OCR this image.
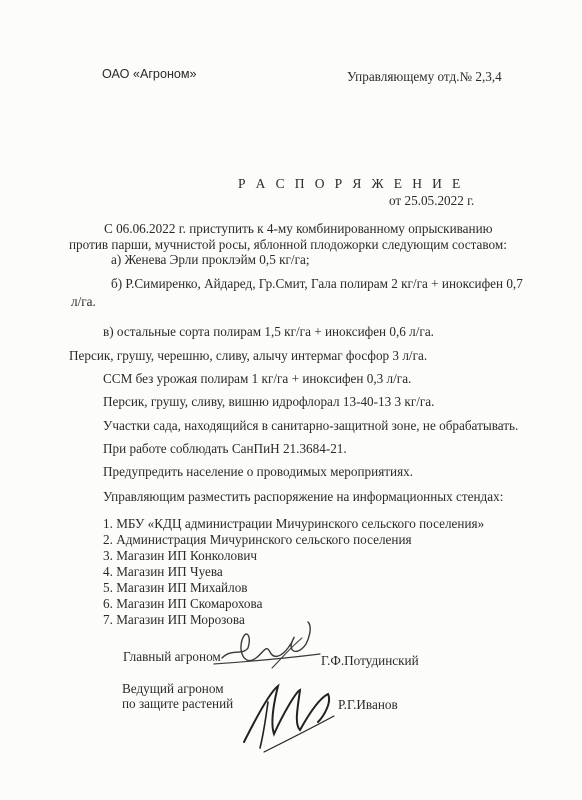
ОАО «Агроном»	Управляющему отд.№ 2,3,4
Р А С П О Р Я Ж Е Н И Е
от 25.05.2022 г.
С 06.06.2022 г. приступить к 4-му комбинированному опрыскиванию
против парши, мучнистой росы, яблонной плодожорки следующим составом:
а) Женева Эрли проклэйм 0,5 кг/га;
б) Р.Симиренко, Айдаред, Гр.Смит, Гала полирам 2 кг/га + иноксифен 0,7
л/га.
в) остальные сорта полирам 1,5 кг/га + иноксифен 0,6 л/га.
Персик, грушу, черешню, сливу, алычу интермаг фосфор 3 л/га.
ССМ без урожая полирам 1 кг/га + иноксифен 0,3 л/га.
Персик, грушу, сливу, вишню идрофлорал 13-40-13 3 кг/га.
Участки сада, находящийся в санитарно-защитной зоне, не обрабатывать.
При работе соблюдать СанПиН 21.3684-21.
Предупредить население о проводимых мероприятиях.
Управляющим разместить распоряжение на информационных стендах:
1. МБУ «КДЦ администрации Мичуринского сельского поселения»
2. Администрация Мичуринского сельского поселения
3. Магазин ИП Конколович
4. Магазин ИП Чуева
5. Магазин ИП Михайлов
6. Магазин ИП Скомарохова
7. Магазин ИП Морозова
Главный агроном	Г.Ф.Потудинский
Ведущий агроном
по защите растений	Р.Г.Иванов
